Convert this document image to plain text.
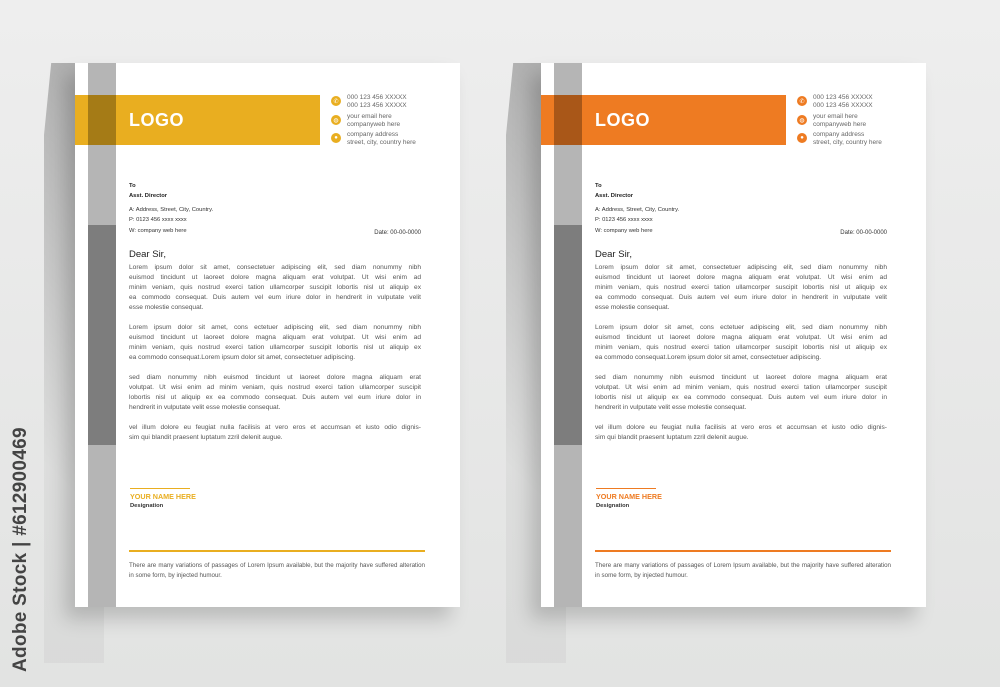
Adobe Stock | #612900469
LOGO
✆
000 123 456 XXXXX
000 123 456 XXXXX
◍
your email here
companyweb here
●	company address
street, city, country here
To
Asst. Director
A: Address, Street, City, Country.
P: 0123 456 xxxx xxxx
W: company web here	Date: 00-00-0000
Dear Sir,
Lorem ipsum dolor sit amet, consectetuer adipiscing elit, sed diam nonummy nibh
euismod tincidunt ut laoreet dolore magna aliquam erat volutpat. Ut wisi enim ad
minim veniam, quis nostrud exerci tation ullamcorper suscipit lobortis nisl ut aliquip ex
ea commodo consequat. Duis autem vel eum iriure dolor in hendrerit in vulputate velit
esse molestie consequat.
Lorem ipsum dolor sit amet, cons ectetuer adipiscing elit, sed diam nonummy nibh
euismod tincidunt ut laoreet dolore magna aliquam erat volutpat. Ut wisi enim ad
minim veniam, quis nostrud exerci tation ullamcorper suscipit lobortis nisl ut aliquip ex
ea commodo consequat.Lorem ipsum dolor sit amet, consectetuer adipiscing.
sed diam nonummy nibh euismod tincidunt ut laoreet dolore magna aliquam erat
volutpat. Ut wisi enim ad minim veniam, quis nostrud exerci tation ullamcorper suscipit
lobortis nisl ut aliquip ex ea commodo consequat. Duis autem vel eum iriure dolor in
hendrerit in vulputate velit esse molestie consequat.
vel illum dolore eu feugiat nulla facilisis at vero eros et accumsan et iusto odio dignis-
sim qui blandit praesent luptatum zzril delenit augue.
YOUR NAME HERE
Designation
There are many variations of passages of Lorem Ipsum available, but the majority have suffered alteration in some form, by injected humour.
LOGO
✆
000 123 456 XXXXX
000 123 456 XXXXX
◍
your email here
companyweb here
●	company address
street, city, country here
To
Asst. Director
A: Address, Street, City, Country.
P: 0123 456 xxxx xxxx
W: company web here	Date: 00-00-0000
Dear Sir,
Lorem ipsum dolor sit amet, consectetuer adipiscing elit, sed diam nonummy nibh
euismod tincidunt ut laoreet dolore magna aliquam erat volutpat. Ut wisi enim ad
minim veniam, quis nostrud exerci tation ullamcorper suscipit lobortis nisl ut aliquip ex
ea commodo consequat. Duis autem vel eum iriure dolor in hendrerit in vulputate velit
esse molestie consequat.
Lorem ipsum dolor sit amet, cons ectetuer adipiscing elit, sed diam nonummy nibh
euismod tincidunt ut laoreet dolore magna aliquam erat volutpat. Ut wisi enim ad
minim veniam, quis nostrud exerci tation ullamcorper suscipit lobortis nisl ut aliquip ex
ea commodo consequat.Lorem ipsum dolor sit amet, consectetuer adipiscing.
sed diam nonummy nibh euismod tincidunt ut laoreet dolore magna aliquam erat
volutpat. Ut wisi enim ad minim veniam, quis nostrud exerci tation ullamcorper suscipit
lobortis nisl ut aliquip ex ea commodo consequat. Duis autem vel eum iriure dolor in
hendrerit in vulputate velit esse molestie consequat.
vel illum dolore eu feugiat nulla facilisis at vero eros et accumsan et iusto odio dignis-
sim qui blandit praesent luptatum zzril delenit augue.
YOUR NAME HERE
Designation
There are many variations of passages of Lorem Ipsum available, but the majority have suffered alteration in some form, by injected humour.
